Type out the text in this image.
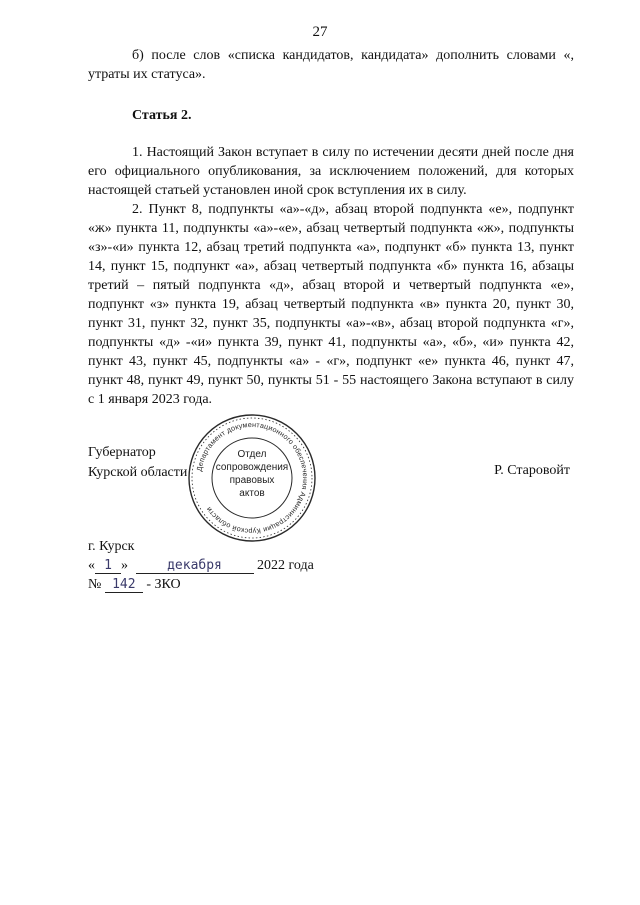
27

б) после слов «списка кандидатов, кандидата» дополнить словами «, утраты их статуса».

Статья 2.

1. Настоящий Закон вступает в силу по истечении десяти дней после дня его официального опубликования, за исключением положений, для которых настоящей статьей установлен иной срок вступления их в силу.

2. Пункт 8, подпункты «а»-«д», абзац второй подпункта «е», подпункт «ж» пункта 11, подпункты «а»-«е», абзац четвертый подпункта «ж», подпункты «з»-«и» пункта 12, абзац третий подпункта «а», подпункт «б» пункта 13, пункт 14, пункт 15, подпункт «а», абзац четвертый подпункта «б» пункта 16, абзацы третий – пятый подпункта «д», абзац второй и четвертый подпункта «е», подпункт «з» пункта 19, абзац четвертый подпункта «в» пункта 20, пункт 30, пункт 31, пункт 32, пункт 35, подпункты «а»-«в», абзац второй подпункта «г», подпункты «д» -«и» пункта 39, пункт 41, подпункты «а», «б», «и» пункта 42, пункт 43, пункт 45, подпункты «а» - «г», подпункт «е» пункта 46, пункт 47, пункт 48, пункт 49, пункт 50, пункты 51 - 55 настоящего Закона вступают в силу с 1 января 2023 года.

Губернатор
Курской области Департамент документационного обеспечения Администрации Курской области
Отдел
сопровождения
правовых
актов
Р. Старовойт
г. Курск
« 1 »	декабря	2022 года
№ 142 - ЗКО
